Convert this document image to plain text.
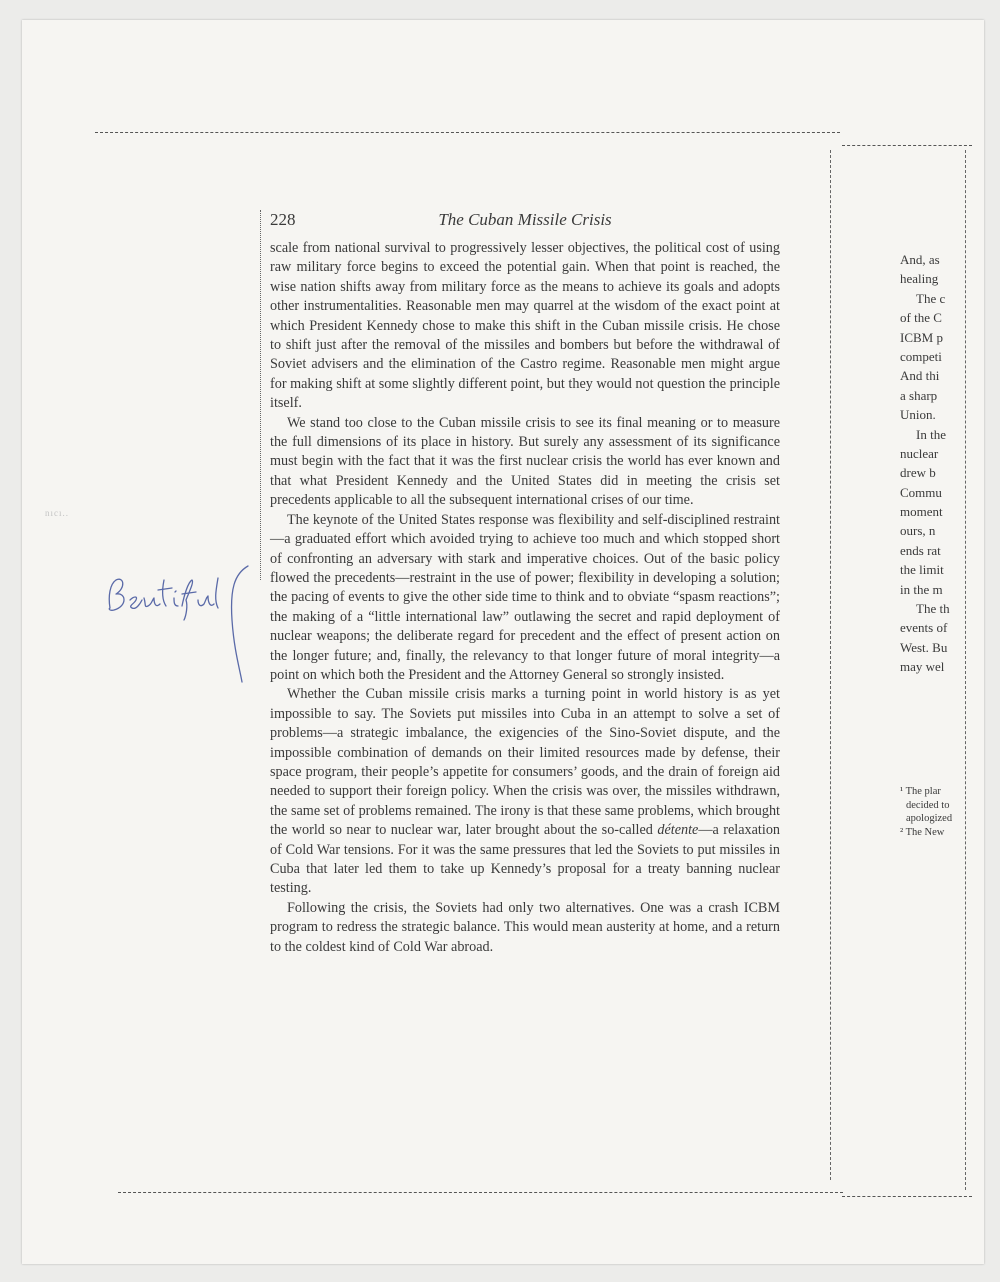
nıcı..
228	The Cuban Missile Crisis

scale from national survival to progressively lesser objectives, the political cost of using raw military force begins to exceed the potential gain. When that point is reached, the wise nation shifts away from military force as the means to achieve its goals and adopts other instrumentalities. Reasonable men may quarrel at the wisdom of the exact point at which President Kennedy chose to make this shift in the Cuban missile crisis. He chose to shift just after the removal of the missiles and bombers but before the withdrawal of Soviet advisers and the elimination of the Castro regime. Reasonable men might argue for making shift at some slightly different point, but they would not question the principle itself.

We stand too close to the Cuban missile crisis to see its final meaning or to measure the full dimensions of its place in history. But surely any assessment of its significance must begin with the fact that it was the first nuclear crisis the world has ever known and that what President Kennedy and the United States did in meeting the crisis set precedents applicable to all the subsequent international crises of our time.

The keynote of the United States response was flexibility and self-disciplined restraint—a graduated effort which avoided trying to achieve too much and which stopped short of confronting an adversary with stark and imperative choices. Out of the basic policy flowed the precedents—restraint in the use of power; flexibility in developing a solution; the pacing of events to give the other side time to think and to obviate “spasm reactions”; the making of a “little international law” outlawing the secret and rapid deployment of nuclear weapons; the deliberate regard for precedent and the effect of present action on the longer future; and, finally, the relevancy to that longer future of moral integrity—a point on which both the President and the Attorney General so strongly insisted.

Whether the Cuban missile crisis marks a turning point in world history is as yet impossible to say. The Soviets put missiles into Cuba in an attempt to solve a set of problems—a strategic imbalance, the exigencies of the Sino-Soviet dispute, and the impossible combination of demands on their limited resources made by defense, their space program, their people’s appetite for consumers’ goods, and the drain of foreign aid needed to support their foreign policy. When the crisis was over, the missiles withdrawn, the same set of problems remained. The irony is that these same problems, which brought the world so near to nuclear war, later brought about the so-called détente—a relaxation of Cold War tensions. For it was the same pressures that led the Soviets to put missiles in Cuba that later led them to take up Kennedy’s proposal for a treaty banning nuclear testing.

Following the crisis, the Soviets had only two alternatives. One was a crash ICBM program to redress the strategic balance. This would mean austerity at home, and a return to the coldest kind of Cold War abroad.

And, as
healing
The c
of the C
ICBM p
competi
And thi
a sharp
Union.
In the
nuclear
drew b
Commu
moment
ours, n
ends rat
the limit
in the m
The th
events of
West. Bu
may wel
¹ The plar
decided to
apologized
² The New
